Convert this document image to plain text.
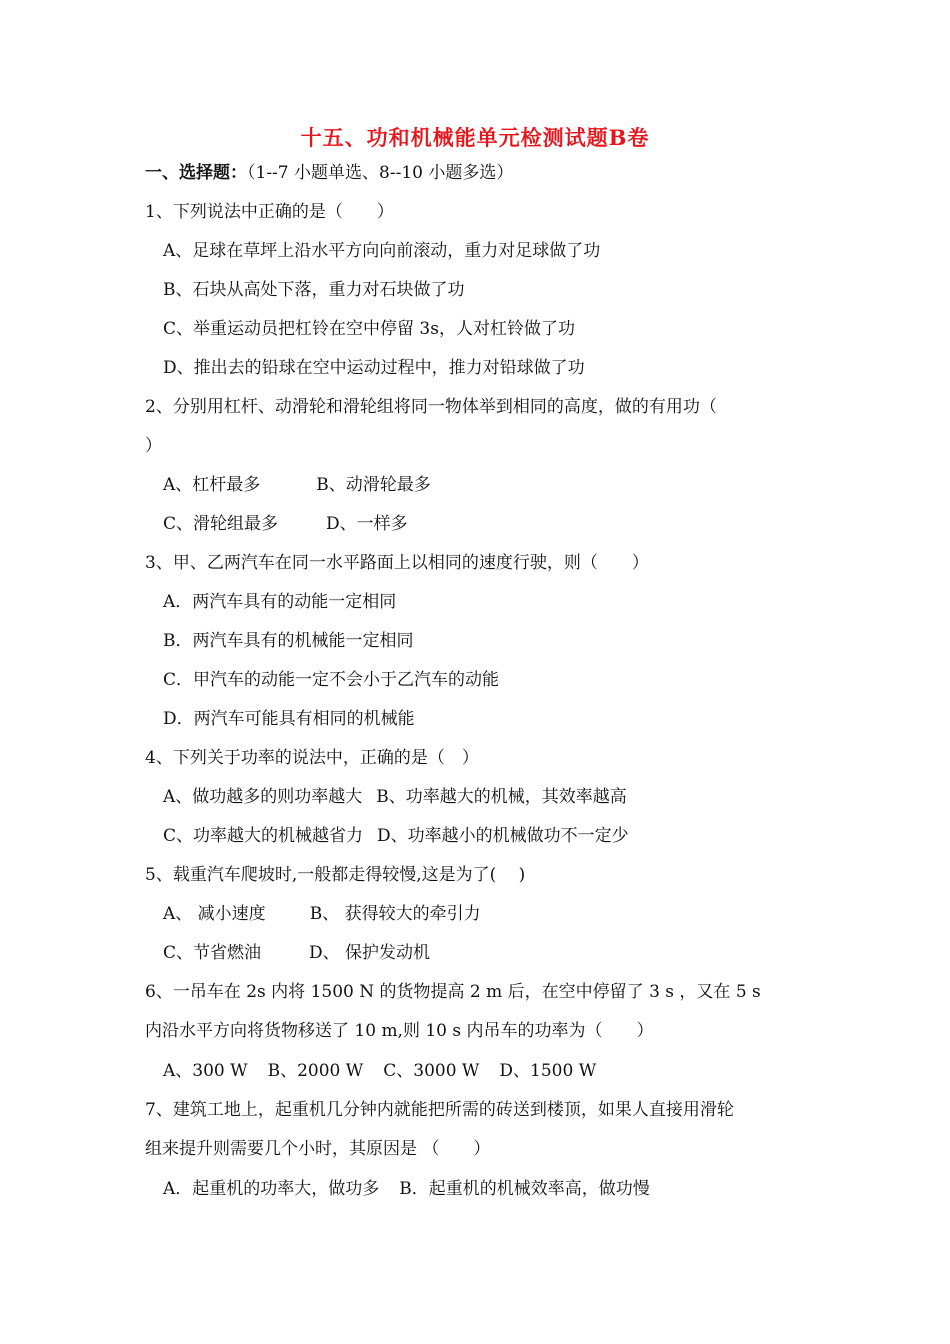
十五、功和机械能单元检测试题B卷
一、选择题：（1--7 小题单选、8--10 小题多选）
1、下列说法中正确的是（　　）
A、足球在草坪上沿水平方向向前滚动，重力对足球做了功
B、石块从高处下落，重力对石块做了功
C、举重运动员把杠铃在空中停留 3s，人对杠铃做了功
D、推出去的铅球在空中运动过程中，推力对铅球做了功
2、分别用杠杆、动滑轮和滑轮组将同一物体举到相同的高度，做的有用功（
）
A、杠杆最多	B、动滑轮最多
C、滑轮组最多	D、一样多
3、甲、乙两汽车在同一水平路面上以相同的速度行驶，则（　　）
A．两汽车具有的动能一定相同
B．两汽车具有的机械能一定相同
C．甲汽车的动能一定不会小于乙汽车的动能
D．两汽车可能具有相同的机械能
4、下列关于功率的说法中，正确的是（　）
A、做功越多的则功率越大 B、功率越大的机械，其效率越高
C、功率越大的机械越省力 D、功率越小的机械做功不一定少
5、载重汽车爬坡时,一般都走得较慢,这是为了(　 )
A、 减小速度	B、 获得较大的牵引力
C、节省燃油	D、 保护发动机
6、一吊车在 2s 内将 1500 N 的货物提高 2 m 后，在空中停留了 3 s ，又在 5 s
内沿水平方向将货物移送了 10 m,则 10 s 内吊车的功率为（　　）
A、300 W B、2000 W C、3000 W D、1500 W
7、建筑工地上，起重机几分钟内就能把所需的砖送到楼顶，如果人直接用滑轮
组来提升则需要几个小时，其原因是 （　　）
A．起重机的功率大，做功多 B．起重机的机械效率高，做功慢
